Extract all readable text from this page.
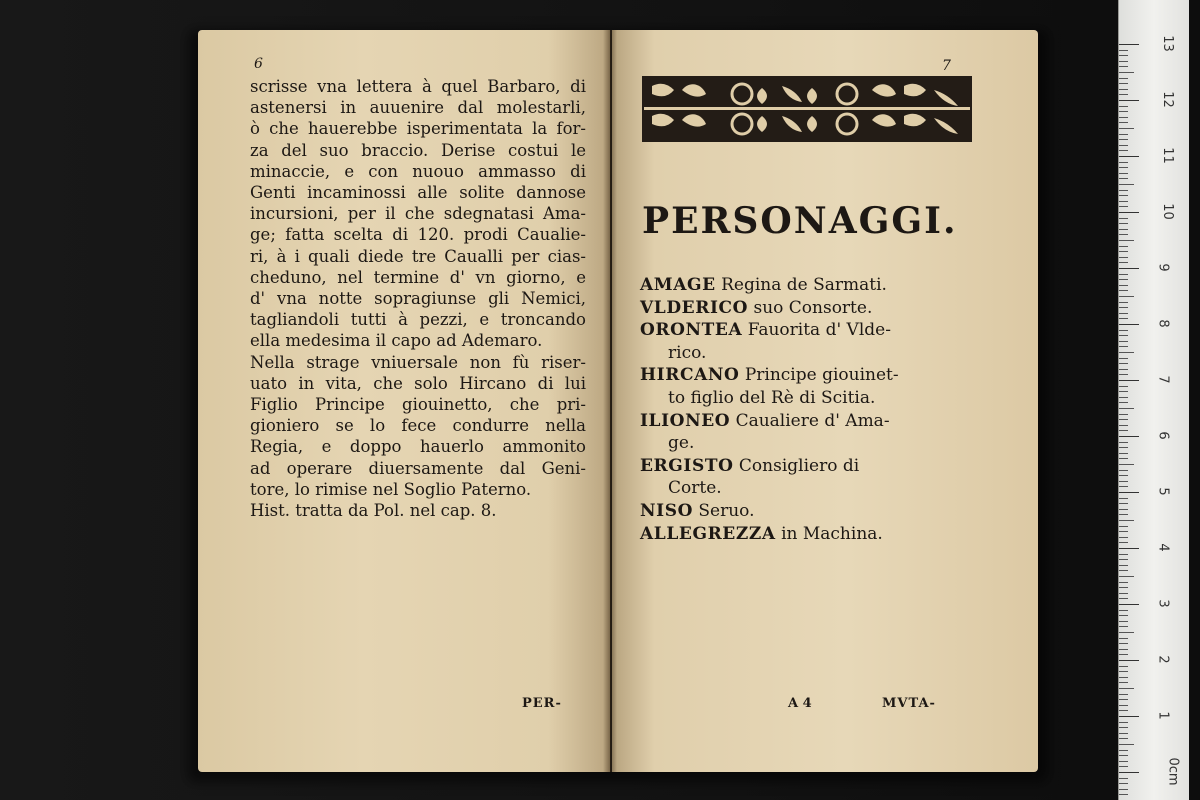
6
scrisse vna lettera à quel Barbaro, di
astenersi in auuenire dal molestarli,
ò che hauerebbe isperimentata la for-
za del suo braccio. Derise costui le
minaccie, e con nuouo ammasso di
Genti incaminossi alle solite dannose
incursioni, per il che sdegnatasi Ama-
ge; fatta scelta di 120. prodi Caualie-
ri, à i quali diede tre Caualli per cias-
cheduno, nel termine d' vn giorno, e
d' vna notte sopragiunse gli Nemici,
tagliandoli tutti à pezzi, e troncando
ella medesima il capo ad Ademaro.
Nella strage vniuersale non fù riser-
uato in vita, che solo Hircano di lui
Figlio Principe giouinetto, che pri-
gioniero se lo fece condurre nella
Regia, e doppo hauerlo ammonito
ad operare diuersamente dal Geni-
tore, lo rimise nel Soglio Paterno.
Hist. tratta da Pol. nel cap. 8.
PER-
7
PERSONAGGI.
AMAGE Regina de Sarmati.
VLDERICO suo Consorte.
ORONTEA Fauorita d' Vlde-
rico.
HIRCANO Principe giouinet-
to figlio del Rè di Scitia.
ILIONEO Caualiere d' Ama-
ge.
ERGISTO Consigliero di
Corte.
NISO Seruo.
ALLEGREZZA in Machina.
A 4	MVTA-
13
12
11
10
9
8
7
6
5
4
3
2
1
0cm
